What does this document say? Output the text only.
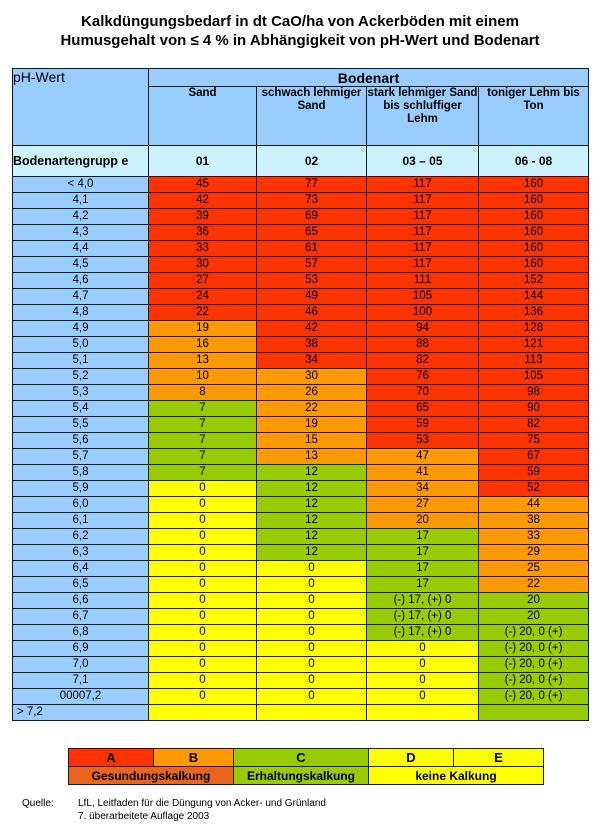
Kalkdüngungsbedarf in dt CaO/ha von Ackerböden mit einem
Humusgehalt von ≤ 4 % in Abhängigkeit von pH-Wert und Bodenart
pH-Wert	Bodenart			
	Sand	schwach lehmiger Sand	stark lehmiger Sand bis schluffiger Lehm	toniger Lehm bis Ton
Bodenartengrupp e	01	02	03 – 05	06 - 08
< 4,0	45	77	117	160
4,1	42	73	117	160
4,2	39	69	117	160
4,3	36	65	117	160
4,4	33	61	117	160
4,5	30	57	117	160
4,6	27	53	111	152
4,7	24	49	105	144
4,8	22	46	100	136
4,9	19	42	94	128
5,0	16	38	88	121
5,1	13	34	82	113
5,2	10	30	76	105
5,3	8	26	70	98
5,4	7	22	65	90
5,5	7	19	59	82
5,6	7	15	53	75
5,7	7	13	47	67
5,8	7	12	41	59
5,9	0	12	34	52
6,0	0	12	27	44
6,1	0	12	20	38
6,2	0	12	17	33
6,3	0	12	17	29
6,4	0	0	17	25
6,5	0	0	17	22
6,6	0	0	(-) 17, (+) 0	20
6,7	0	0	(-) 17, (+) 0	20
6,8	0	0	(-) 17, (+) 0	(-) 20, 0 (+)
6,9	0	0	0	(-) 20, 0 (+)
7,0	0	0	0	(-) 20, 0 (+)
7,1	0	0	0	(-) 20, 0 (+)
00007,2	0	0	0	(-) 20, 0 (+)
> 7,2				
A	B	C	D	E
Gesundungskalkung		Erhaltungskalkung	keine Kalkung	
Quelle: LfL, Leitfaden für die Düngung von Acker- und Grünland
7. überarbeitete Auflage 2003
